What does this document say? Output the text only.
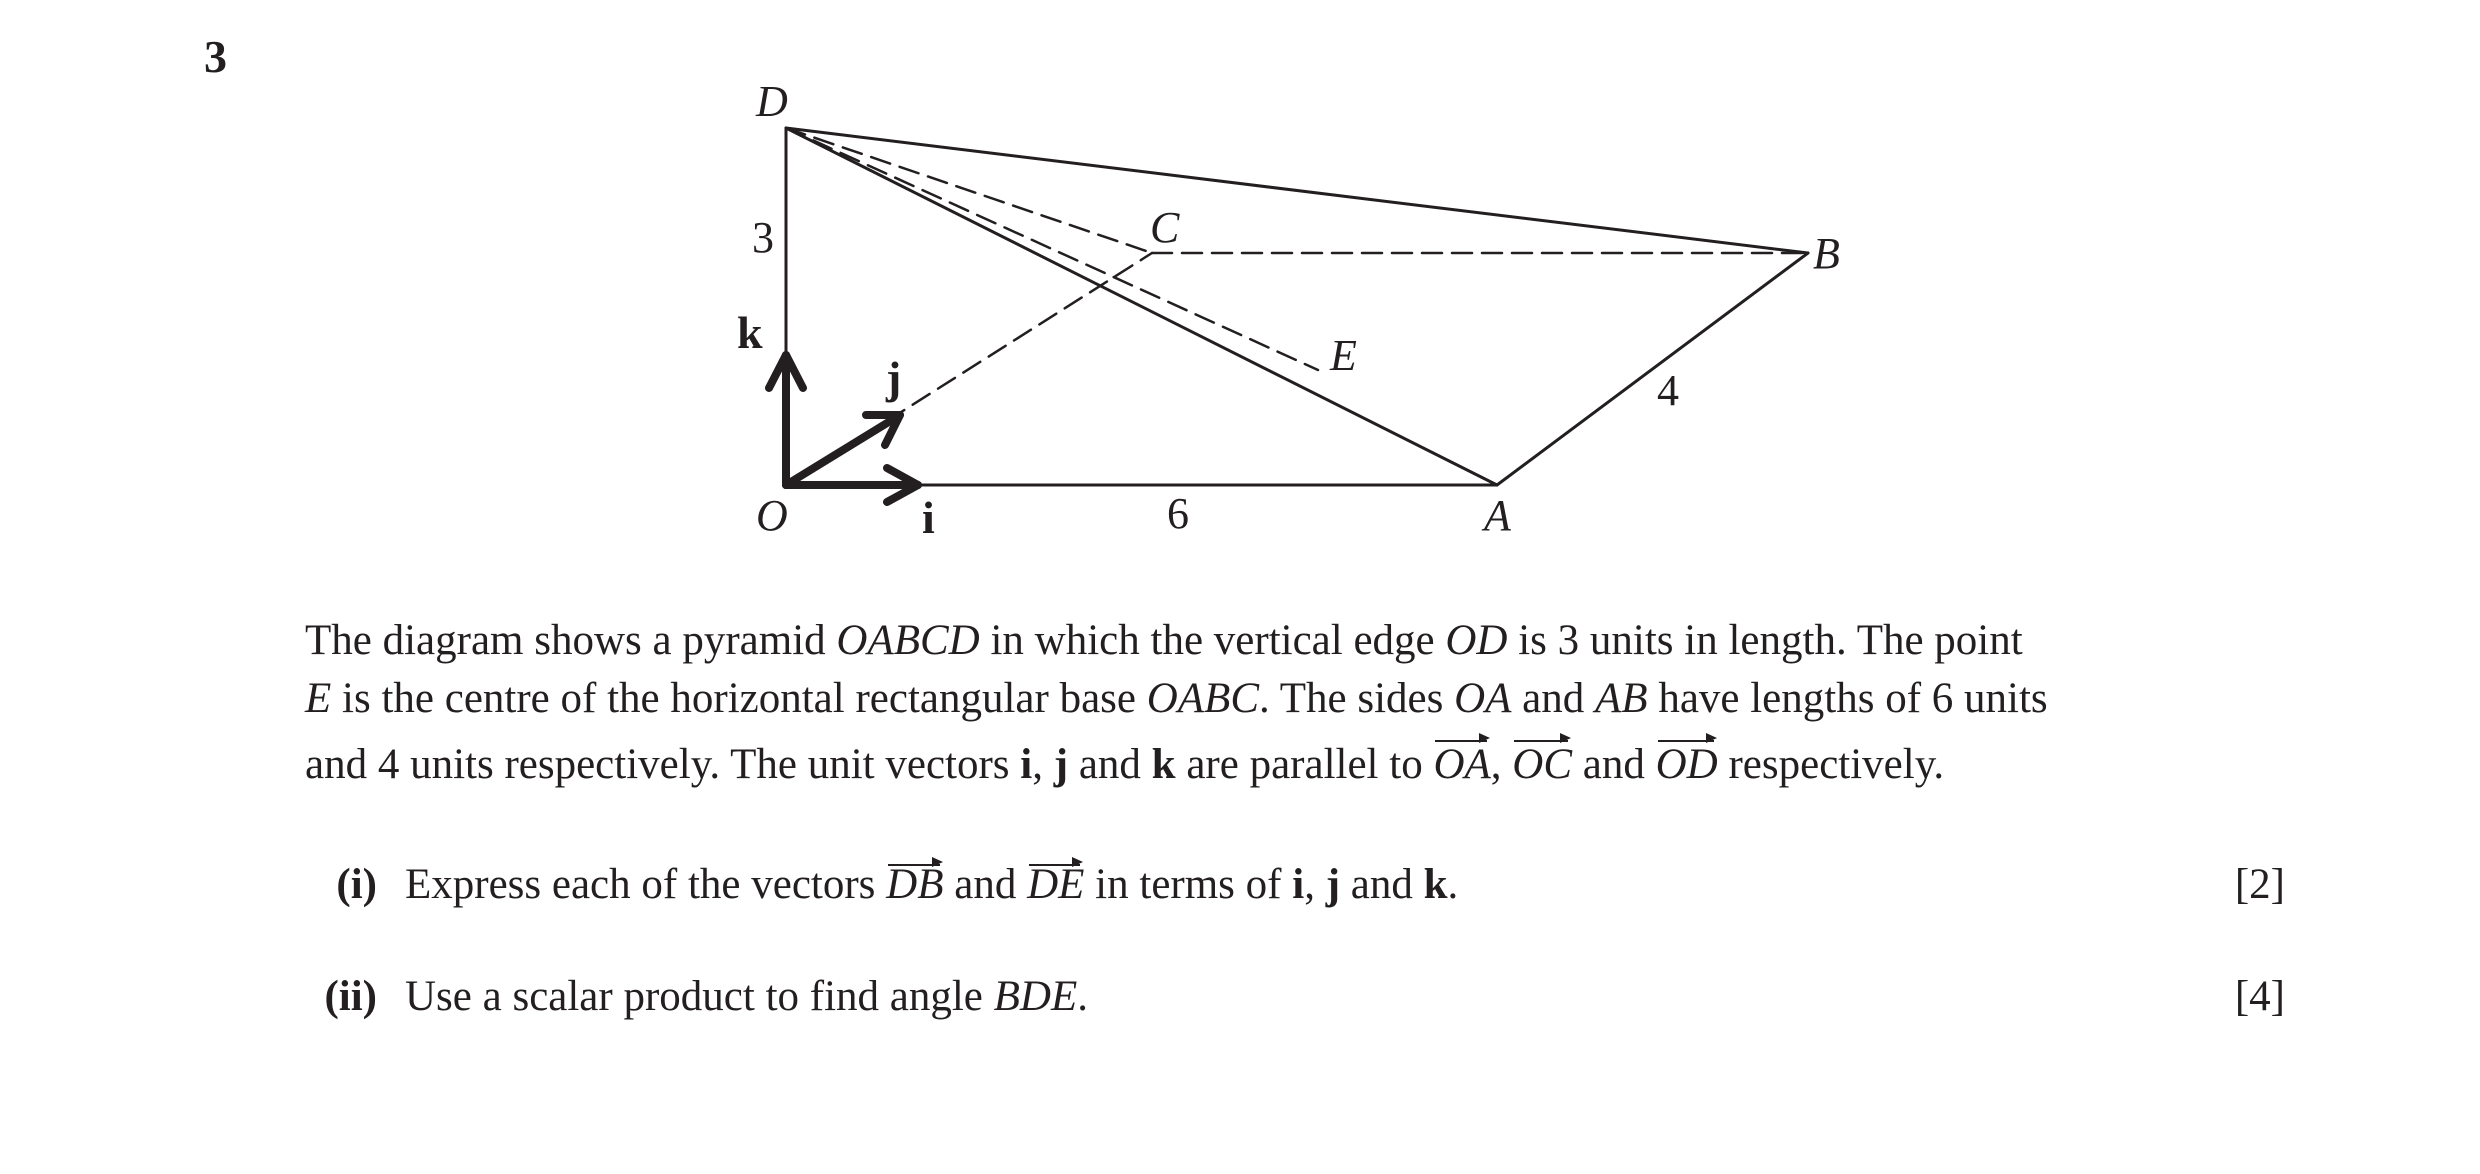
3
D
C
B
E
O	A
3
6
4
k
j
i
The diagram shows a pyramid OABCD in which the vertical edge OD is 3 units in length. The point
E is the centre of the horizontal rectangular base OABC. The sides OA and AB have lengths of 6 units
and 4 units respectively. The unit vectors i, j and k are parallel to OA, OC and OD respectively.
(i) Express each of the vectors DB and DE in terms of i, j and k.	[2]
(ii) Use a scalar product to find angle BDE.	[4]
